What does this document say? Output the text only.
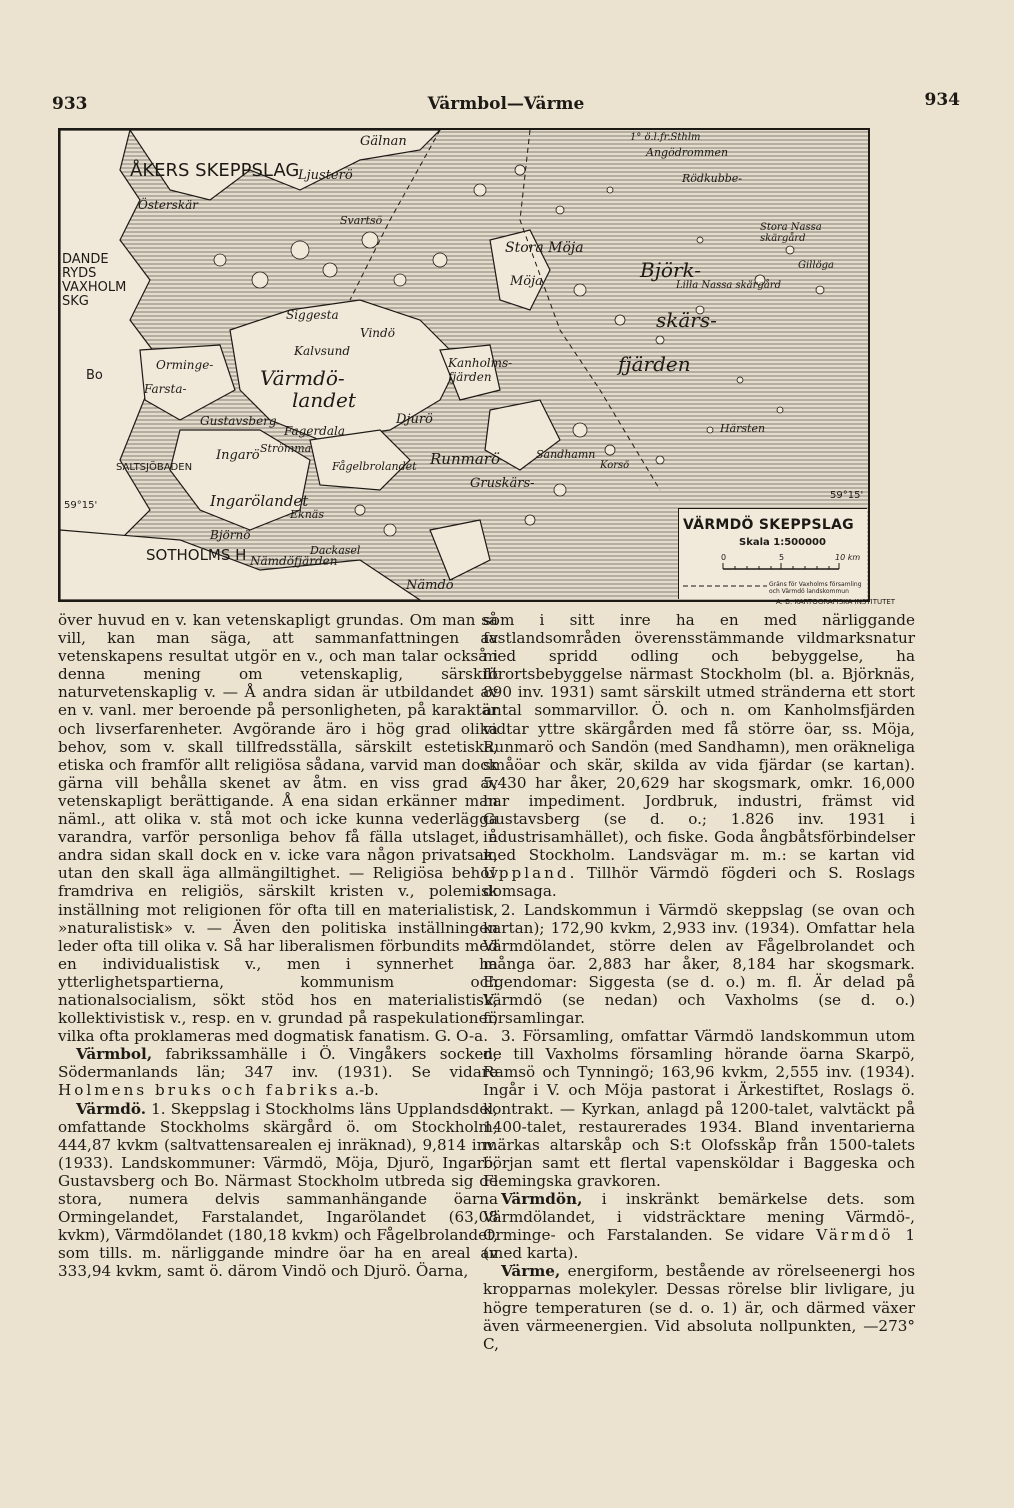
933	Värmbol—Värme	934
ÅKERS SKEPPSLAG
SOTHOLMS H
VAXHOLM
RYDS
DANDE
SKG
Bo
SALTSJÖBADEN
1° ö.l.fr.Sthlm
Värmdö-
landet
Stora Möja
Möja	Björk-
skärs-
fjärden
Stora Nassa skärgård
Lilla Nassa skärgård
Runmarö	Sandhamn
Djurö
Vindö
Ingarö
Ingarölandet
Gustavsberg
Nämdö
Nämdöfjärden
Svartsö
Ljusterö
Österskär
Kanholms- fjärden
Fågelbrolandet
Farsta-
Orminge-
Gillöga
Rödkubbe-
Angödrommen
Gälnan
Kalvsund
Siggesta
Fagerdala
Eknäs
Härsten
Korsö
Gruskärs-
Björnö
Dackasel
Strömma
59°15'
59°15'
VÄRMDÖ SKEPPSLAG
Skala 1:500000
0	5	10 km
Gräns för Vaxholms församling och Värmdö landskommun
A.-B. KARTOGRAFISKA INSTITUTET

över huvud en v. kan vetenskapligt grundas. Om man så vill, kan man säga, att sammanfattningen av vetenskapens resultat utgör en v., och man talar också i denna mening om vetenskaplig, särskilt naturvetenskaplig v. — Å andra sidan är utbildandet av en v. vanl. mer beroende på personligheten, på karaktär och livserfarenheter. Avgörande äro i hög grad olika behov, som v. skall tillfredsställa, särskilt estetiska, etiska och framför allt religiösa sådana, varvid man dock gärna vill behålla skenet av åtm. en viss grad av vetenskapligt berättigande. Å ena sidan erkänner man näml., att olika v. stå mot och icke kunna vederlägga varandra, varför personliga behov få fälla utslaget, å andra sidan skall dock en v. icke vara någon privatsak, utan den skall äga allmängiltighet. — Religiösa behov framdriva en religiös, särskilt kristen v., polemisk inställning mot religionen för ofta till en materialistisk, »naturalistisk» v. — Även den politiska inställningen leder ofta till olika v. Så har liberalismen förbundits med en individualistisk v., men i synnerhet ha ytterlighetspartierna, kommunism och nationalsocialism, sökt stöd hos en materialistisk, kollektivistisk v., resp. en v. grundad på raspekulationer, vilka ofta proklameras med dogmatisk fanatism. G. O-a.

Värmbol, fabrikssamhälle i Ö. Vingåkers socken, Södermanlands län; 347 inv. (1931). Se vidare Holmens bruks och fabriks a.-b.

Värmdö. 1. Skeppslag i Stockholms läns Upplandsdel, omfattande Stockholms skärgård ö. om Stockholm; 444,87 kvkm (saltvattensarealen ej inräknad), 9,814 inv. (1933). Landskommuner: Värmdö, Möja, Djurö, Ingarö, Gustavsberg och Bo. Närmast Stockholm utbreda sig de stora, numera delvis sammanhängande öarna Ormingelandet, Farstalandet, Ingarölandet (63,08 kvkm), Värmdölandet (180,18 kvkm) och Fågelbrolandet, som tills. m. närliggande mindre öar ha en areal av 333,94 kvkm, samt ö. därom Vindö och Djurö. Öarna,

som i sitt inre ha en med närliggande fastlandsområden överensstämmande vildmarksnatur med spridd odling och bebyggelse, ha förortsbebyggelse närmast Stockholm (bl. a. Björknäs, 890 inv. 1931) samt särskilt utmed stränderna ett stort antal sommarvillor. Ö. och n. om Kanholmsfjärden vidtar yttre skärgården med få större öar, ss. Möja, Runmarö och Sandön (med Sandhamn), men oräkneliga småöar och skär, skilda av vida fjärdar (se kartan). 5,430 har åker, 20,629 har skogsmark, omkr. 16,000 har impediment. Jordbruk, industri, främst vid Gustavsberg (se d. o.; 1.826 inv. 1931 i industrisamhället), och fiske. Goda ångbåtsförbindelser med Stockholm. Landsvägar m. m.: se kartan vid Uppland. Tillhör Värmdö fögderi och S. Roslags domsaga.

2. Landskommun i Värmdö skeppslag (se ovan och kartan); 172,90 kvkm, 2,933 inv. (1934). Omfattar hela Värmdölandet, större delen av Fågelbrolandet och många öar. 2,883 har åker, 8,184 har skogsmark. Egendomar: Siggesta (se d. o.) m. fl. Är delad på Värmdö (se nedan) och Vaxholms (se d. o.) församlingar.

3. Församling, omfattar Värmdö landskommun utom de till Vaxholms församling hörande öarna Skarpö, Ramsö och Tynningö; 163,96 kvkm, 2,555 inv. (1934). Ingår i V. och Möja pastorat i Ärkestiftet, Roslags ö. kontrakt. — Kyrkan, anlagd på 1200-talet, valvtäckt på 1400-talet, restaurerades 1934. Bland inventarierna märkas altarskåp och S:t Olofsskåp från 1500-talets början samt ett flertal vapensköldar i Baggeska och Flemingska gravkoren.

Värmdön, i inskränkt bemärkelse dets. som Värmdölandet, i vidsträcktare mening Värmdö-, Orminge- och Farstalanden. Se vidare Värmdö 1 (med karta).

Värme, energiform, bestående av rörelseenergi hos kropparnas molekyler. Dessas rörelse blir livligare, ju högre temperaturen (se d. o. 1) är, och därmed växer även värmeenergien. Vid absoluta nollpunkten, —273° C,
